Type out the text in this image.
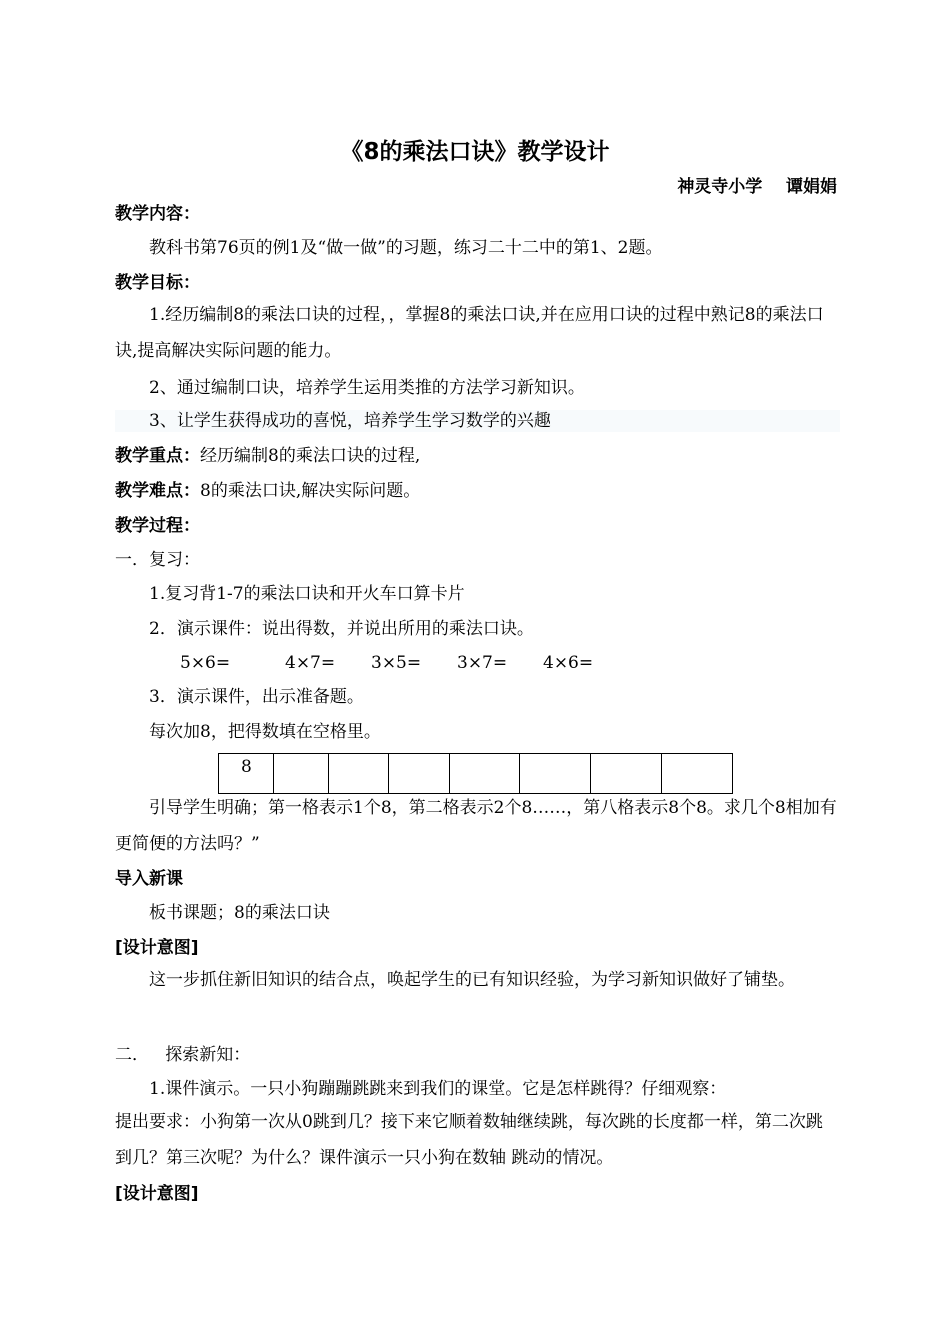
《8的乘法口诀》教学设计
神灵寺小学    谭娟娟
教学内容：
教科书第76页的例1及“做一做”的习题，练习二十二中的第1、2题。
教学目标：
1.经历编制8的乘法口诀的过程，，掌握8的乘法口诀,并在应用口诀的过程中熟记8的乘法口诀,提高解决实际问题的能力。
2、通过编制口诀，培养学生运用类推的方法学习新知识。
3、让学生获得成功的喜悦，培养学生学习数学的兴趣
教学重点：经历编制8的乘法口诀的过程,
教学难点：8的乘法口诀,解决实际问题。
教学过程：
一．复习：
1.复习背1-7的乘法口诀和开火车口算卡片
2．演示课件：说出得数，并说出所用的乘法口诀。
5×6=	4×7= 3×5= 3×7= 4×6=
3．演示课件，出示准备题。
每次加8，把得数填在空格里。
8							
引导学生明确；第一格表示1个8，第二格表示2个8……，第八格表示8个8。求几个8相加有更简便的方法吗？”
导入新课
板书课题；8的乘法口诀
[设计意图]
这一步抓住新旧知识的结合点，唤起学生的已有知识经验，为学习新知识做好了铺垫。
二．   探索新知：
1.课件演示。一只小狗蹦蹦跳跳来到我们的课堂。它是怎样跳得？仔细观察：
提出要求：小狗第一次从0跳到几？接下来它顺着数轴继续跳，每次跳的长度都一样，第二次跳到几？第三次呢？为什么？课件演示一只小狗在数轴 跳动的情况。
[设计意图]
